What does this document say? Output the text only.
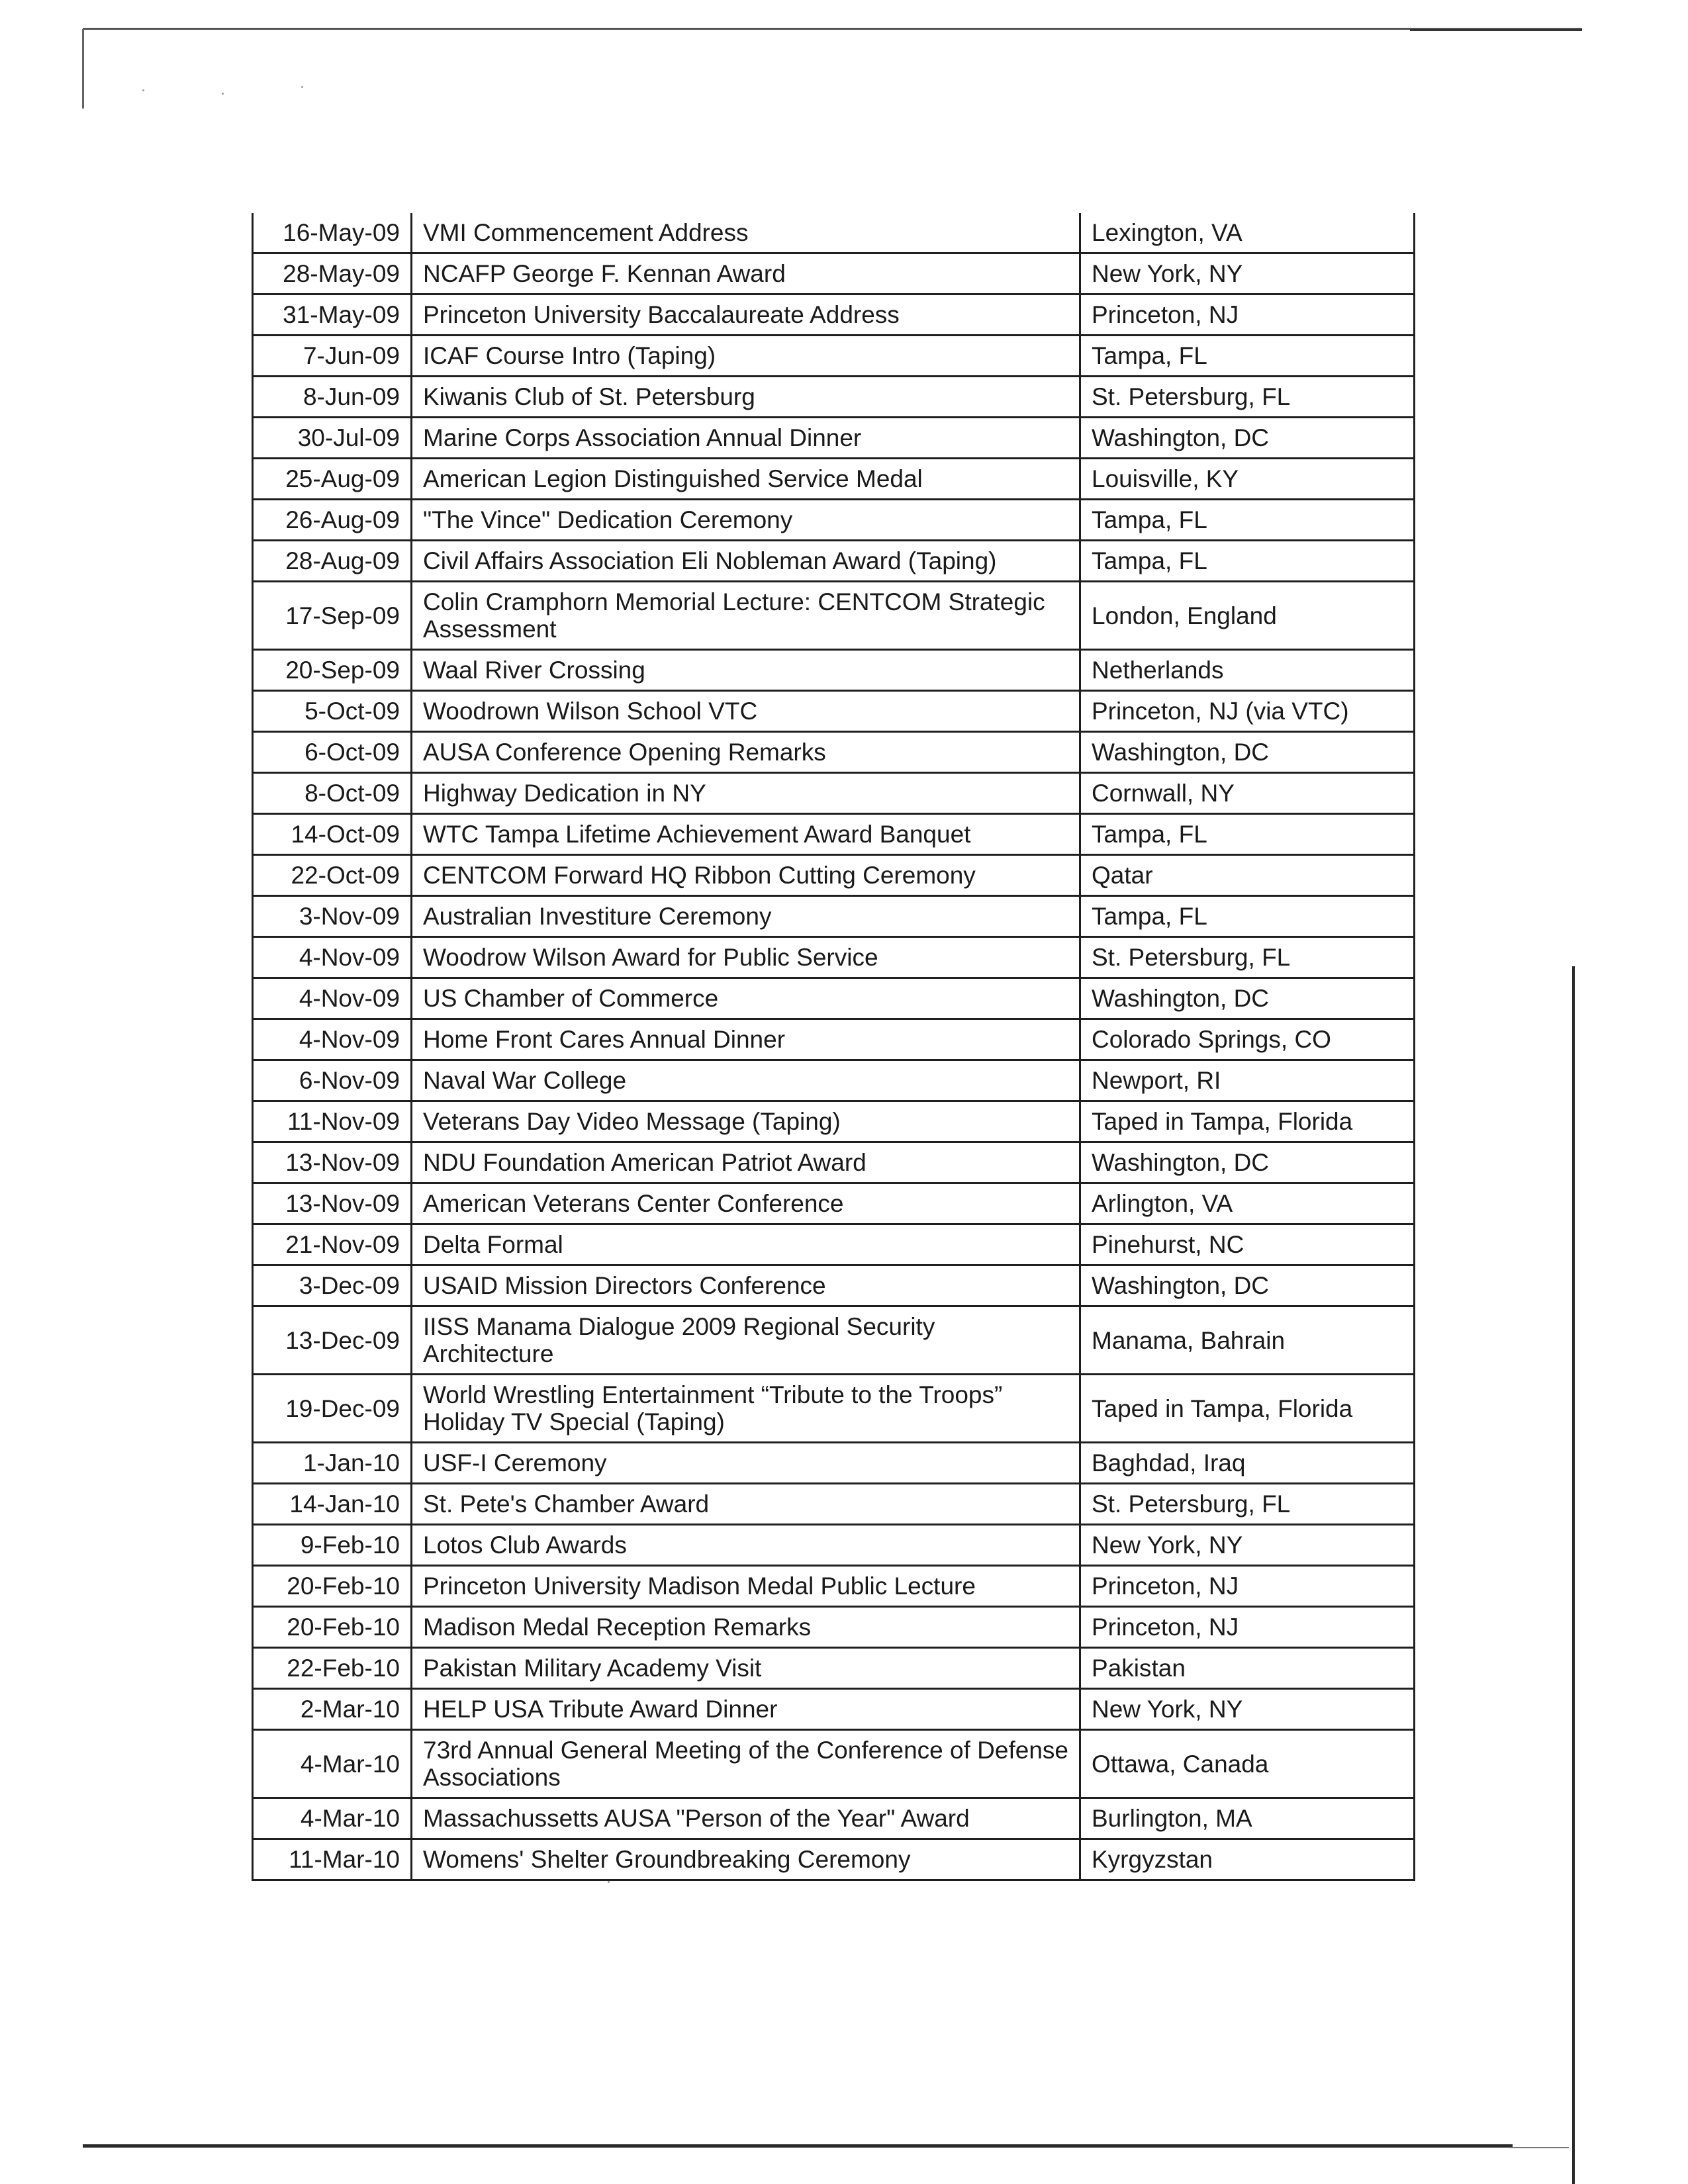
16-May-09	VMI Commencement Address	Lexington, VA
28-May-09	NCAFP George F. Kennan Award	New York, NY
31-May-09	Princeton University Baccalaureate Address	Princeton, NJ
7-Jun-09	ICAF Course Intro (Taping)	Tampa, FL
8-Jun-09	Kiwanis Club of St. Petersburg	St. Petersburg, FL
30-Jul-09	Marine Corps Association Annual Dinner	Washington, DC
25-Aug-09	American Legion Distinguished Service Medal	Louisville, KY
26-Aug-09	"The Vince" Dedication Ceremony	Tampa, FL
28-Aug-09	Civil Affairs Association Eli Nobleman Award (Taping)	Tampa, FL
17-Sep-09	Colin Cramphorn Memorial Lecture: CENTCOM Strategic Assessment	London, England
20-Sep-09	Waal River Crossing	Netherlands
5-Oct-09	Woodrown Wilson School VTC	Princeton, NJ (via VTC)
6-Oct-09	AUSA Conference Opening Remarks	Washington, DC
8-Oct-09	Highway Dedication in NY	Cornwall, NY
14-Oct-09	WTC Tampa Lifetime Achievement Award Banquet	Tampa, FL
22-Oct-09	CENTCOM Forward HQ Ribbon Cutting Ceremony	Qatar
3-Nov-09	Australian Investiture Ceremony	Tampa, FL
4-Nov-09	Woodrow Wilson Award for Public Service	St. Petersburg, FL
4-Nov-09	US Chamber of Commerce	Washington, DC
4-Nov-09	Home Front Cares Annual Dinner	Colorado Springs, CO
6-Nov-09	Naval War College	Newport, RI
11-Nov-09	Veterans Day Video Message (Taping)	Taped in Tampa, Florida
13-Nov-09	NDU Foundation American Patriot Award	Washington, DC
13-Nov-09	American Veterans Center Conference	Arlington, VA
21-Nov-09	Delta Formal	Pinehurst, NC
3-Dec-09	USAID Mission Directors Conference	Washington, DC
13-Dec-09	IISS Manama Dialogue 2009 Regional Security Architecture	Manama, Bahrain
19-Dec-09	World Wrestling Entertainment “Tribute to the Troops” Holiday TV Special (Taping)	Taped in Tampa, Florida
1-Jan-10	USF-I Ceremony	Baghdad, Iraq
14-Jan-10	St. Pete's Chamber Award	St. Petersburg, FL
9-Feb-10	Lotos Club Awards	New York, NY
20-Feb-10	Princeton University Madison Medal Public Lecture	Princeton, NJ
20-Feb-10	Madison Medal Reception Remarks	Princeton, NJ
22-Feb-10	Pakistan Military Academy Visit	Pakistan
2-Mar-10	HELP USA Tribute Award Dinner	New York, NY
4-Mar-10	73rd Annual General Meeting of the Conference of Defense Associations	Ottawa, Canada
4-Mar-10	Massachussetts AUSA "Person of the Year" Award	Burlington, MA
11-Mar-10	Womens' Shelter Groundbreaking Ceremony	Kyrgyzstan
